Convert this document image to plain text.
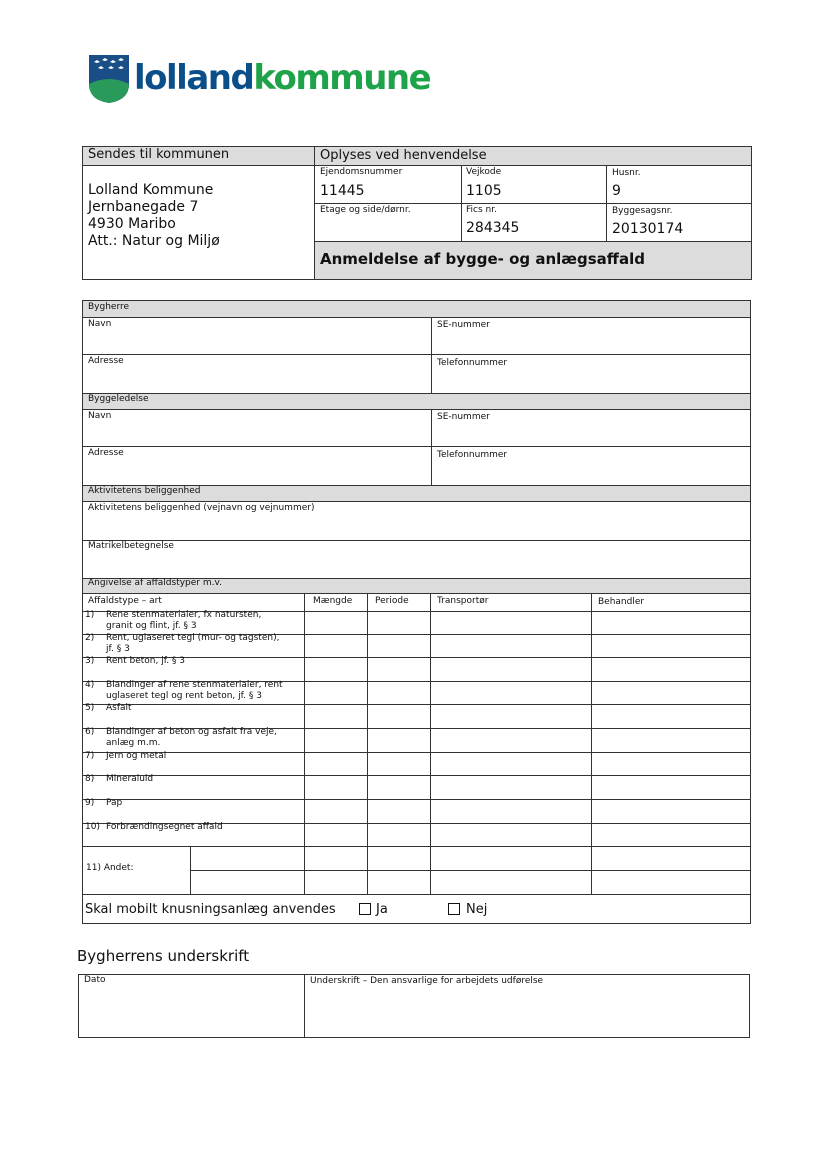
lollandkommune
Sendes til kommunen	Oplyses ved henvendelse
Lolland Kommune
Jernbanegade 7
4930 Maribo
Att.: Natur og Miljø
Ejendomsnummer
11445
Vejkode
1105
Husnr.
9
Etage og side/dørnr.	Fics nr.
284345
Byggesagsnr.
20130174
Anmeldelse af bygge- og anlægsaffald
Bygherre
Navn	SE-nummer
Adresse	Telefonnummer
Byggeledelse
Navn	SE-nummer
Adresse	Telefonnummer
Aktivitetens beliggenhed
Aktivitetens beliggenhed (vejnavn og vejnummer)
Matrikelbetegnelse
Angivelse af affaldstyper m.v.
1) Rene stenmaterialer, fx natursten,
granit og flint, jf. § 3
2) Rent, uglaseret tegl (mur- og tagsten),
jf. § 3
3) Rent beton, jf. § 3
4) Blandinger af rene stenmaterialer, rent
uglaseret tegl og rent beton, jf. § 3
5) Asfalt
6) Blandinger af beton og asfalt fra veje,
anlæg m.m.
7) Jern og metal
8) Mineraluld
9) Pap
10) Forbrændingsegnet affald
Affaldstype – art	Mængde	Periode	Transportør	Behandler
11) Andet:
Skal mobilt knusningsanlæg anvendes	Ja	Nej
Bygherrens underskrift
Dato	Underskrift – Den ansvarlige for arbejdets udførelse
